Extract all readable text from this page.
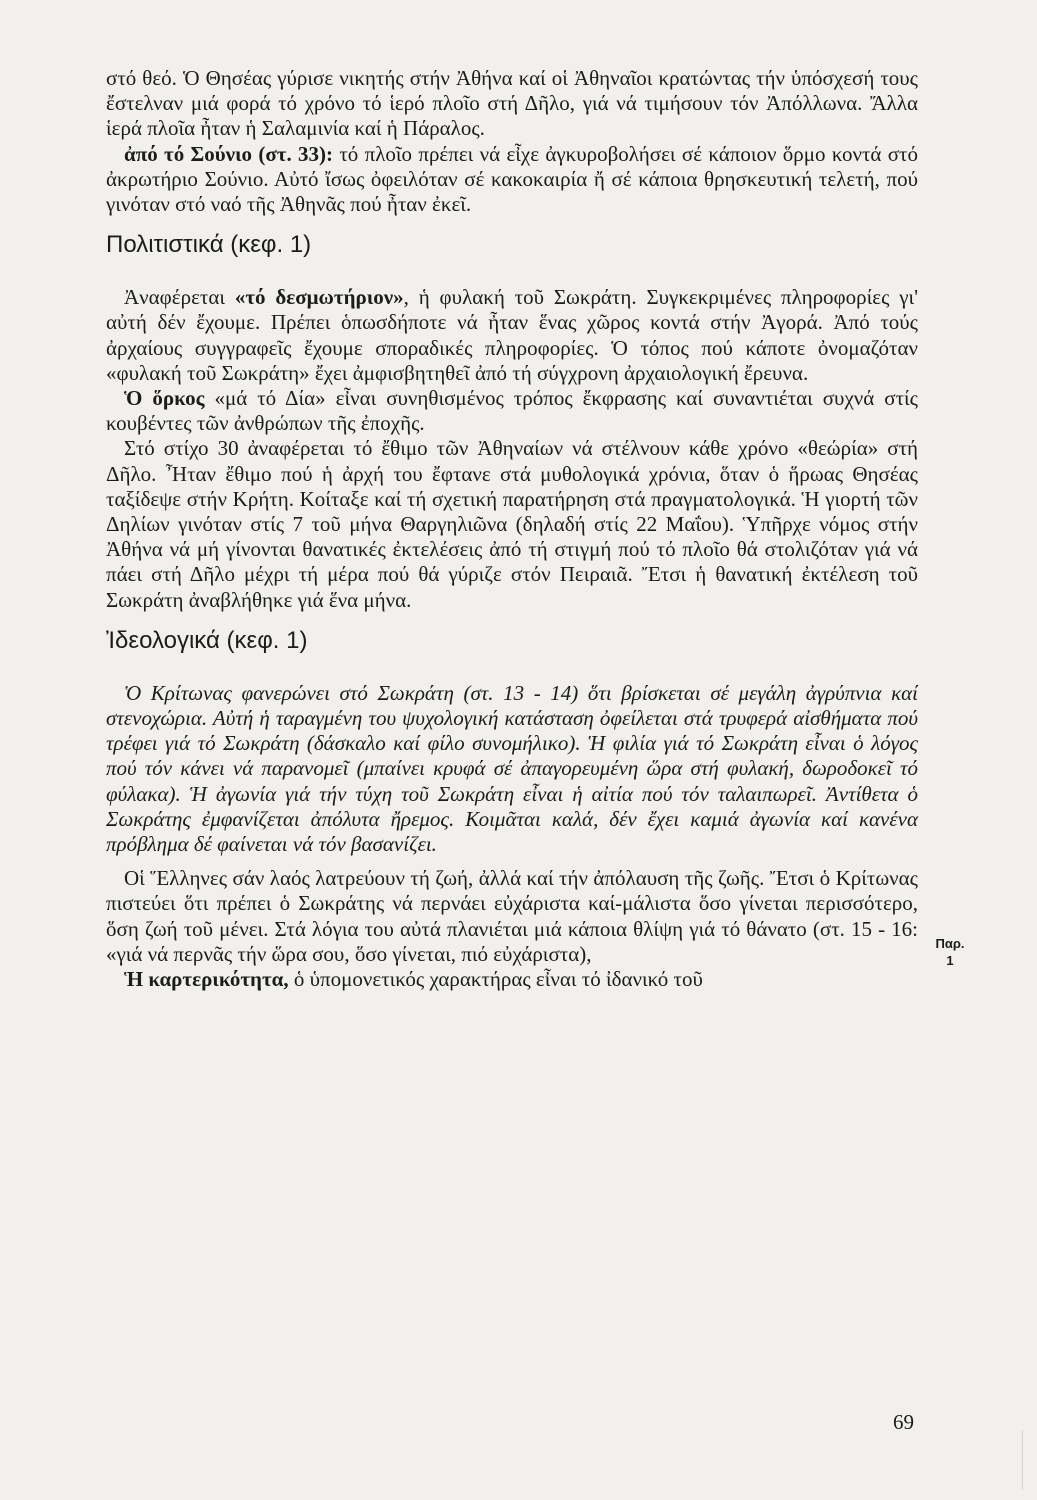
στό θεό. Ὁ Θησέας γύρισε νικητής στήν Ἀθήνα καί οἱ Ἀθηναῖοι κρατώντας τήν ὑπόσχεσή τους ἔστελναν μιά φορά τό χρόνο τό ἱερό πλοῖο στή Δῆλο, γιά νά τιμήσουν τόν Ἀπόλλωνα. Ἄλλα ἱερά πλοῖα ἦταν ἡ Σαλαμινία καί ἡ Πάραλος.

ἀπό τό Σούνιο (στ. 33): τό πλοῖο πρέπει νά εἶχε ἀγκυροβολήσει σέ κάποιον ὅρμο κοντά στό ἀκρωτήριο Σούνιο. Αὐτό ἴσως ὀφειλόταν σέ κακοκαιρία ἤ σέ κάποια θρησκευτική τελετή, πού γινόταν στό ναό τῆς Ἀθηνᾶς πού ἦταν ἐκεῖ.

Πολιτιστικά (κεφ. 1)

Ἀναφέρεται «τό δεσμωτήριον», ἡ φυλακή τοῦ Σωκράτη. Συγκεκριμένες πληροφορίες γι' αὐτή δέν ἔχουμε. Πρέπει ὁπωσδήποτε νά ἦταν ἕνας χῶρος κοντά στήν Ἀγορά. Ἀπό τούς ἀρχαίους συγγραφεῖς ἔχουμε σποραδικές πληροφορίες. Ὁ τόπος πού κάποτε ὀνομαζόταν «φυλακή τοῦ Σωκράτη» ἔχει ἀμφισβητηθεῖ ἀπό τή σύγχρονη ἀρχαιολογική ἔρευνα.

Ὁ ὅρκος «μά τό Δία» εἶναι συνηθισμένος τρόπος ἔκφρασης καί συναντιέται συχνά στίς κουβέντες τῶν ἀνθρώπων τῆς ἐποχῆς.

Στό στίχο 30 ἀναφέρεται τό ἔθιμο τῶν Ἀθηναίων νά στέλνουν κάθε χρόνο «θεώρία» στή Δῆλο. Ἦταν ἔθιμο πού ἡ ἀρχή του ἔφτανε στά μυθολογικά χρόνια, ὅταν ὁ ἥρωας Θησέας ταξίδεψε στήν Κρήτη. Κοίταξε καί τή σχετική παρατήρηση στά πραγματολογικά. Ἡ γιορτή τῶν Δηλίων γινόταν στίς 7 τοῦ μήνα Θαργηλιῶνα (δηλαδή στίς 22 Μαΐου). Ὑπῆρχε νόμος στήν Ἀθήνα νά μή γίνονται θανατικές ἐκτελέσεις ἀπό τή στιγμή πού τό πλοῖο θά στολιζόταν γιά νά πάει στή Δῆλο μέχρι τή μέρα πού θά γύριζε στόν Πειραιᾶ. Ἔτσι ἡ θανατική ἐκτέλεση τοῦ Σωκράτη ἀναβλήθηκε γιά ἕνα μήνα.

Ἰδεολογικά (κεφ. 1)

Ὁ Κρίτωνας φανερώνει στό Σωκράτη (στ. 13 - 14) ὅτι βρίσκεται σέ μεγάλη ἀγρύπνια καί στενοχώρια. Αὐτή ἡ ταραγμένη του ψυχολογική κατάσταση ὀφείλεται στά τρυφερά αἰσθήματα πού τρέφει γιά τό Σωκράτη (δάσκαλο καί φίλο συνομήλικο). Ἡ φιλία γιά τό Σωκράτη εἶναι ὁ λόγος πού τόν κάνει νά παρανομεῖ (μπαίνει κρυφά σέ ἀπαγορευμένη ὥρα στή φυλακή, δωροδοκεῖ τό φύλακα). Ἡ ἀγωνία γιά τήν τύχη τοῦ Σωκράτη εἶναι ἡ αἰτία πού τόν ταλαιπωρεῖ. Ἀντίθετα ὁ Σωκράτης ἐμφανίζεται ἀπόλυτα ἤρεμος. Κοιμᾶται καλά, δέν ἔχει καμιά ἀγωνία καί κανένα πρόβλημα δέ φαίνεται νά τόν βασανίζει.

Οἱ Ἕλληνες σάν λαός λατρεύουν τή ζωή, ἀλλά καί τήν ἀπόλαυση τῆς ζωῆς. Ἔτσι ὁ Κρίτωνας πιστεύει ὅτι πρέπει ὁ Σωκράτης νά περνάει εὐχάριστα καί-μάλιστα ὅσο γίνεται περισσότερο, ὅση ζωή τοῦ μένει. Στά λόγια του αὐτά πλανιέται μιά κάποια θλίψη γιά τό θάνατο (στ. 15 - 16: «γιά νά περνᾶς τήν ὥρα σου, ὅσο γίνεται, πιό εὐχάριστα),

Ἡ καρτερικότητα, ὁ ὑπομονετικός χαρακτήρας εἶναι τό ἰδανικό τοῦ

Παρ.
1
69
